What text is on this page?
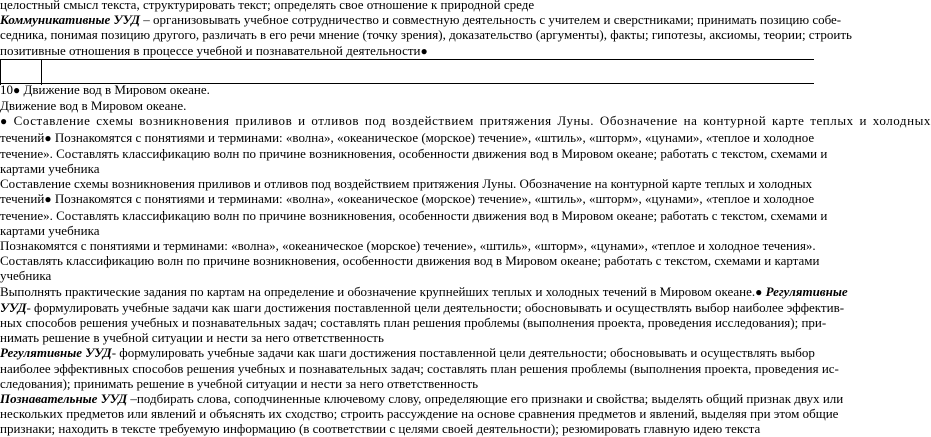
целостный смысл текста, структурировать текст; определять свое отношение к природной среде
Коммуникативные УУД – организовывать учебное сотрудничество и совместную деятельность с учителем и сверстниками; принимать позицию собе-
седника, понимая позицию другого, различать в его речи мнение (точку зрения), доказательство (аргументы), факты; гипотезы, аксиомы, теории; строить
позитивные отношения в процессе учебной и познавательной деятельности●
10● Движение вод в Мировом океане.
Движение вод в Мировом океане.
● Составление схемы возникновения приливов и отливов под воздействием притяжения Луны. Обозначение на контурной карте теплых и холодных
течений● Познакомятся с понятиями и терминами: «волна», «океаническое (морское) течение», «штиль», «шторм», «цунами», «теплое и холодное
течение». Составлять классификацию волн по причине возникновения, особенности движения вод в Мировом океане; работать с текстом, схемами и
картами учебника
Составление схемы возникновения приливов и отливов под воздействием притяжения Луны. Обозначение на контурной карте теплых и холодных
течений● Познакомятся с понятиями и терминами: «волна», «океаническое (морское) течение», «штиль», «шторм», «цунами», «теплое и холодное
течение». Составлять классификацию волн по причине возникновения, особенности движения вод в Мировом океане; работать с текстом, схемами и
картами учебника
Познакомятся с понятиями и терминами: «волна», «океаническое (морское) течение», «штиль», «шторм», «цунами», «теплое и холодное течения».
Составлять классификацию волн по причине возникновения, особенности движения вод в Мировом океане; работать с текстом, схемами и картами
учебника
Выполнять практические задания по картам на определение и обозначение крупнейших теплых и холодных течений в Мировом океане.● Регулятивные
УУД- формулировать учебные задачи как шаги достижения поставленной цели деятельности; обосновывать и осуществлять выбор наиболее эффектив-
ных способов решения учебных и познавательных задач; составлять план решения проблемы (выполнения проекта, проведения исследования); при-
нимать решение в учебной ситуации и нести за него ответственность
Регулятивные УУД- формулировать учебные задачи как шаги достижения поставленной цели деятельности; обосновывать и осуществлять выбор
наиболее эффективных способов решения учебных и познавательных задач; составлять план решения проблемы (выполнения проекта, проведения ис-
следования); принимать решение в учебной ситуации и нести за него ответственность
Познавательные УУД –подбирать слова, соподчиненные ключевому слову, определяющие его признаки и свойства; выделять общий признак двух или
нескольких предметов или явлений и объяснять их сходство; строить рассуждение на основе сравнения предметов и явлений, выделяя при этом общие
признаки; находить в тексте требуемую информацию (в соответствии с целями своей деятельности); резюмировать главную идею текста
